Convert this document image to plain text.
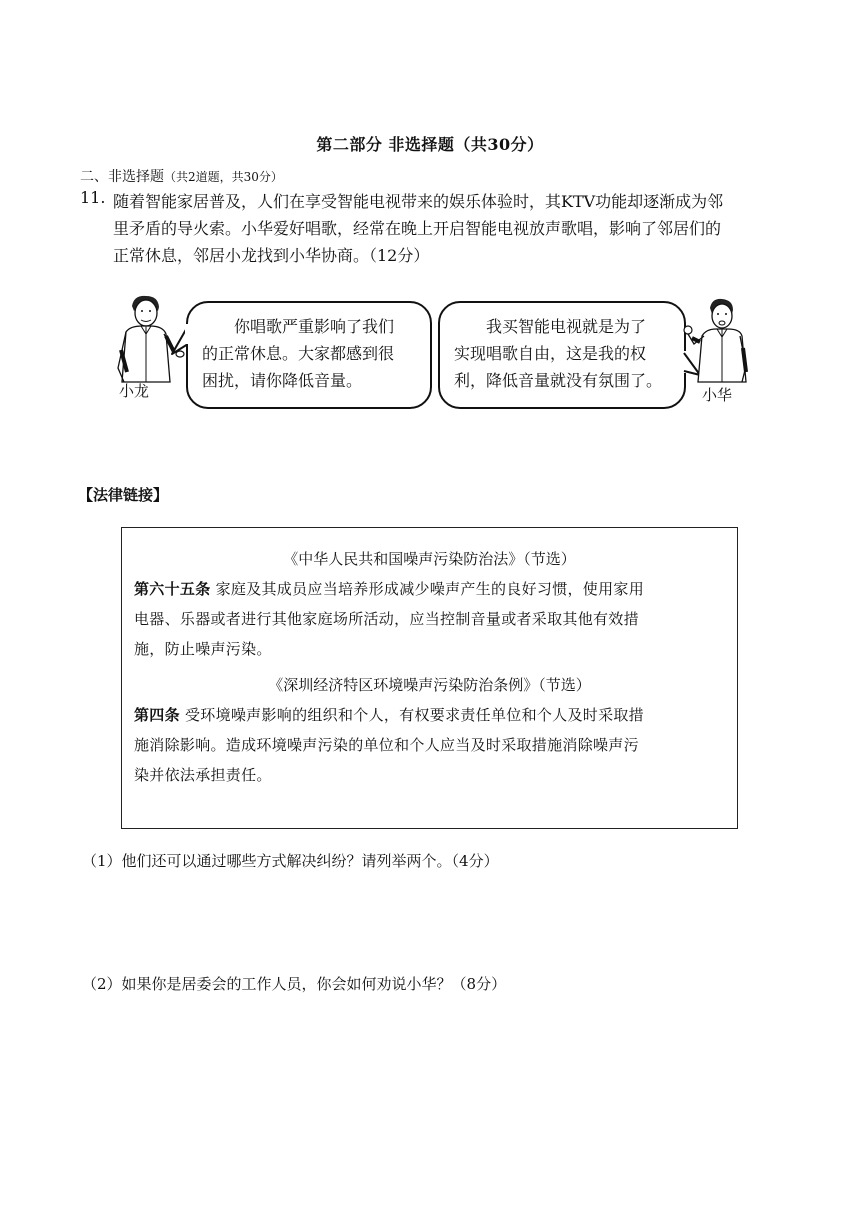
第二部分 非选择题（共30分）
二、非选择题（共2道题，共30分）
11. 随着智能家居普及，人们在享受智能电视带来的娱乐体验时，其KTV功能却逐渐成为邻
里矛盾的导火索。小华爱好唱歌，经常在晚上开启智能电视放声歌唱，影响了邻居们的
正常休息，邻居小龙找到小华协商。（12分）
小龙
你唱歌严重影响了我们
的正常休息。大家都感到很
困扰，请你降低音量。
我买智能电视就是为了
实现唱歌自由，这是我的权
利，降低音量就没有氛围了。
小华
【法律链接】

《中华人民共和国噪声污染防治法》（节选）

第六十五条 家庭及其成员应当培养形成减少噪声产生的良好习惯，使用家用

电器、乐器或者进行其他家庭场所活动，应当控制音量或者采取其他有效措

施，防止噪声污染。

《深圳经济特区环境噪声污染防治条例》（节选）

第四条 受环境噪声影响的组织和个人，有权要求责任单位和个人及时采取措

施消除影响。造成环境噪声污染的单位和个人应当及时采取措施消除噪声污

染并依法承担责任。

（1）他们还可以通过哪些方式解决纠纷？请列举两个。（4分）
（2）如果你是居委会的工作人员，你会如何劝说小华？（8分）
